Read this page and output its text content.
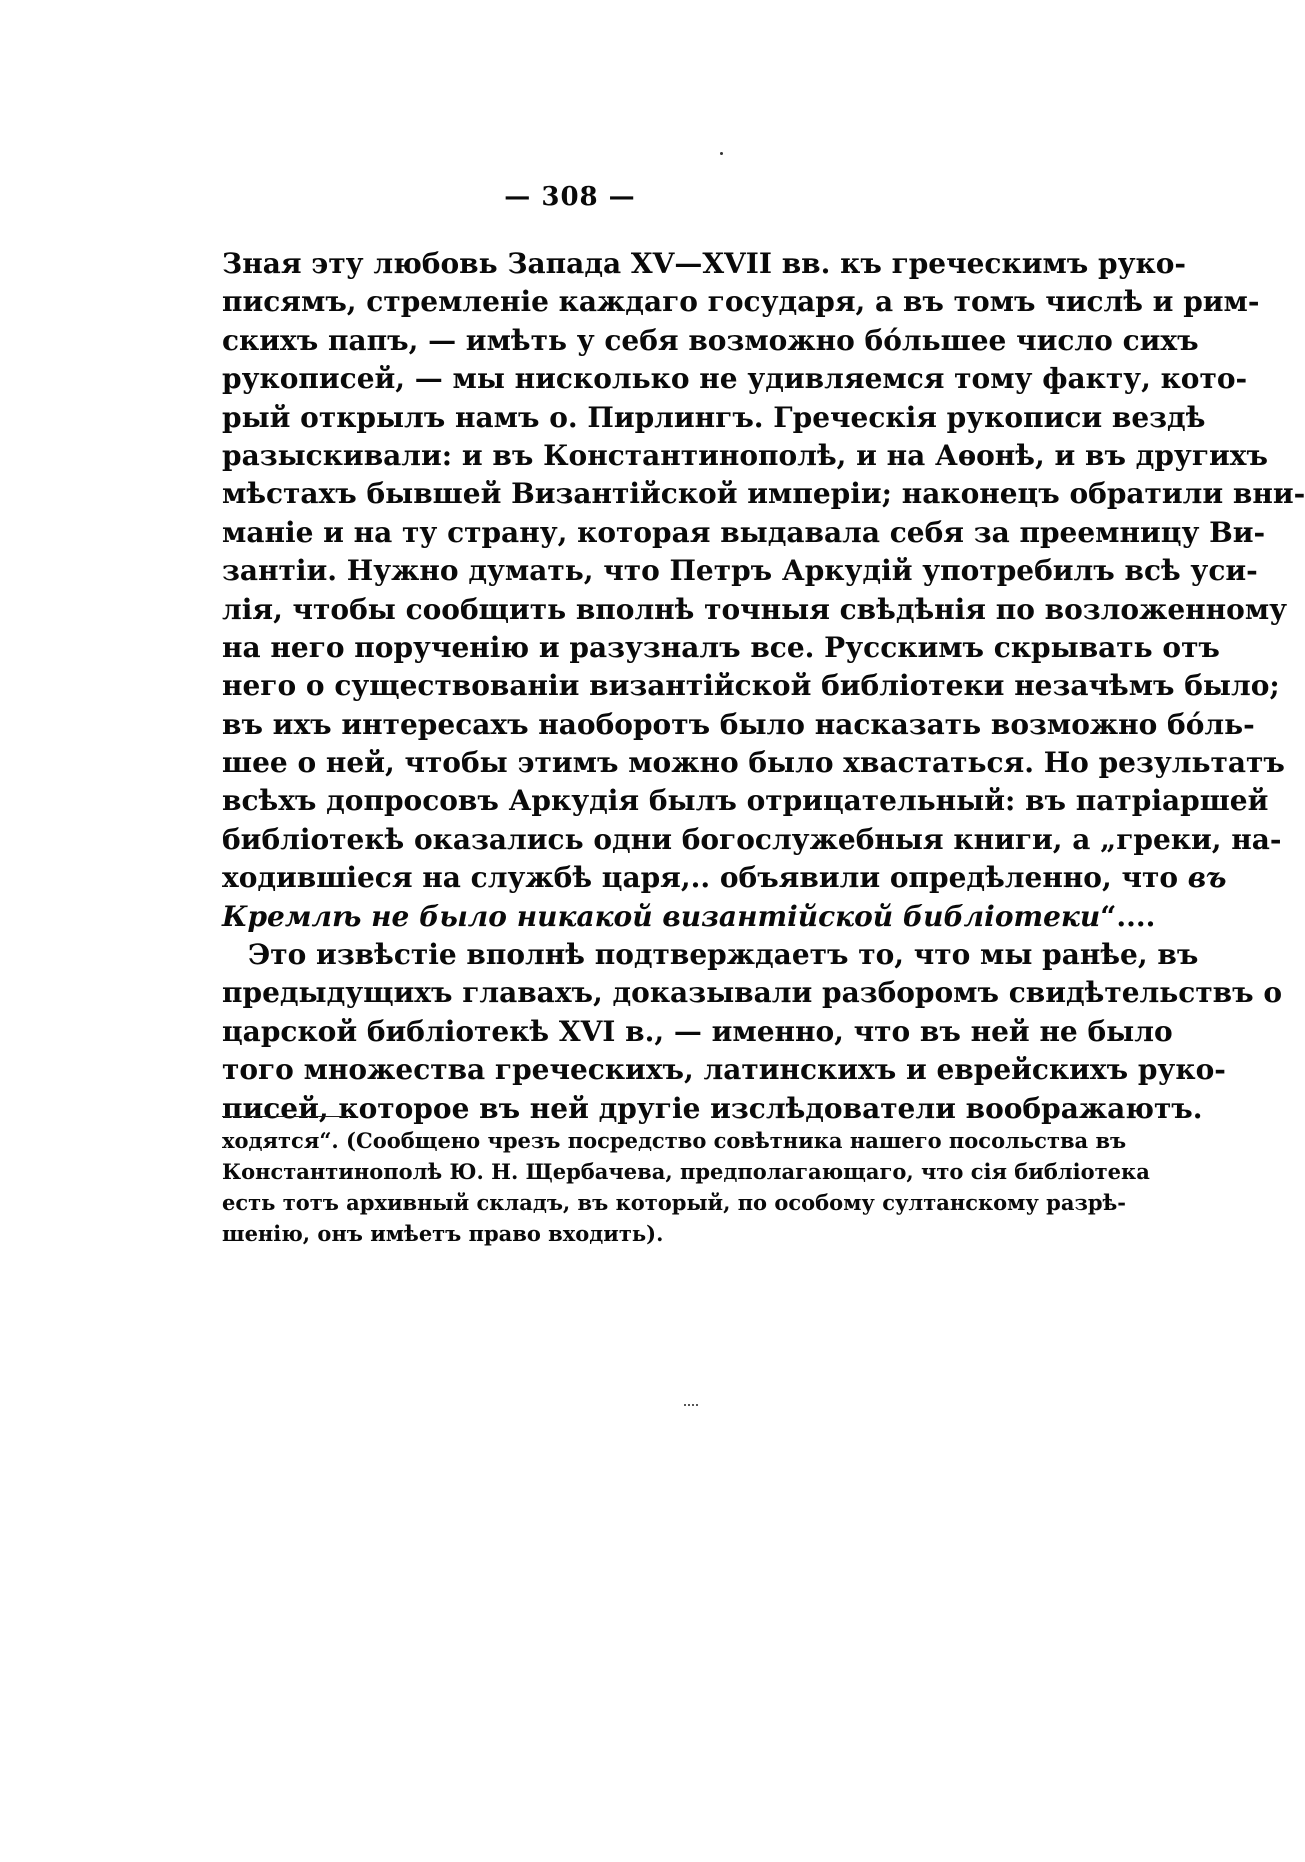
— 308 —
Зная эту любовь Запада XV—XVII вв. къ греческимъ руко-
писямъ, стремленіе каждаго государя, а въ томъ числѣ и рим-
скихъ папъ, — имѣть у себя возможно бóльшее число сихъ
рукописей, — мы нисколько не удивляемся тому факту, кото-
рый открылъ намъ о. Пирлингъ. Греческія рукописи вездѣ
разыскивали: и въ Константинополѣ, и на Аѳонѣ, и въ другихъ
мѣстахъ бывшей Византійской имперіи; наконецъ обратили вни-
маніе и на ту страну, которая выдавала себя за преемницу Ви-
зантіи. Нужно думать, что Петръ Аркудій употребилъ всѣ уси-
лія, чтобы сообщить вполнѣ точныя свѣдѣнія по возложенному
на него порученію и разузналъ все. Русскимъ скрывать отъ
него о существованіи византійской библіотеки незачѣмъ было;
въ ихъ интересахъ наоборотъ было насказать возможно бóль-
шее о ней, чтобы этимъ можно было хвастаться. Но результатъ
всѣхъ допросовъ Аркудія былъ отрицательный: въ патріаршей
библіотекѣ оказались одни богослужебныя книги, а „греки, на-
ходившіеся на службѣ царя,.. объявили опредѣленно, что въ
Кремлѣ не было никакой византійской библіотеки“....
Это извѣстіе вполнѣ подтверждаетъ то, что мы ранѣе, въ
предыдущихъ главахъ, доказывали разборомъ свидѣтельствъ о
царской библіотекѣ XVI в., — именно, что въ ней не было
того множества греческихъ, латинскихъ и еврейскихъ руко-
писей, которое въ ней другіе изслѣдователи воображаютъ.
ходятся“. (Сообщено чрезъ посредство совѣтника нашего посольства въ
Константинополѣ Ю. Н. Щербачева, предполагающаго, что сія библіотека
есть тотъ архивный складъ, въ который, по особому султанскому разрѣ-
шенію, онъ имѣетъ право входить).
